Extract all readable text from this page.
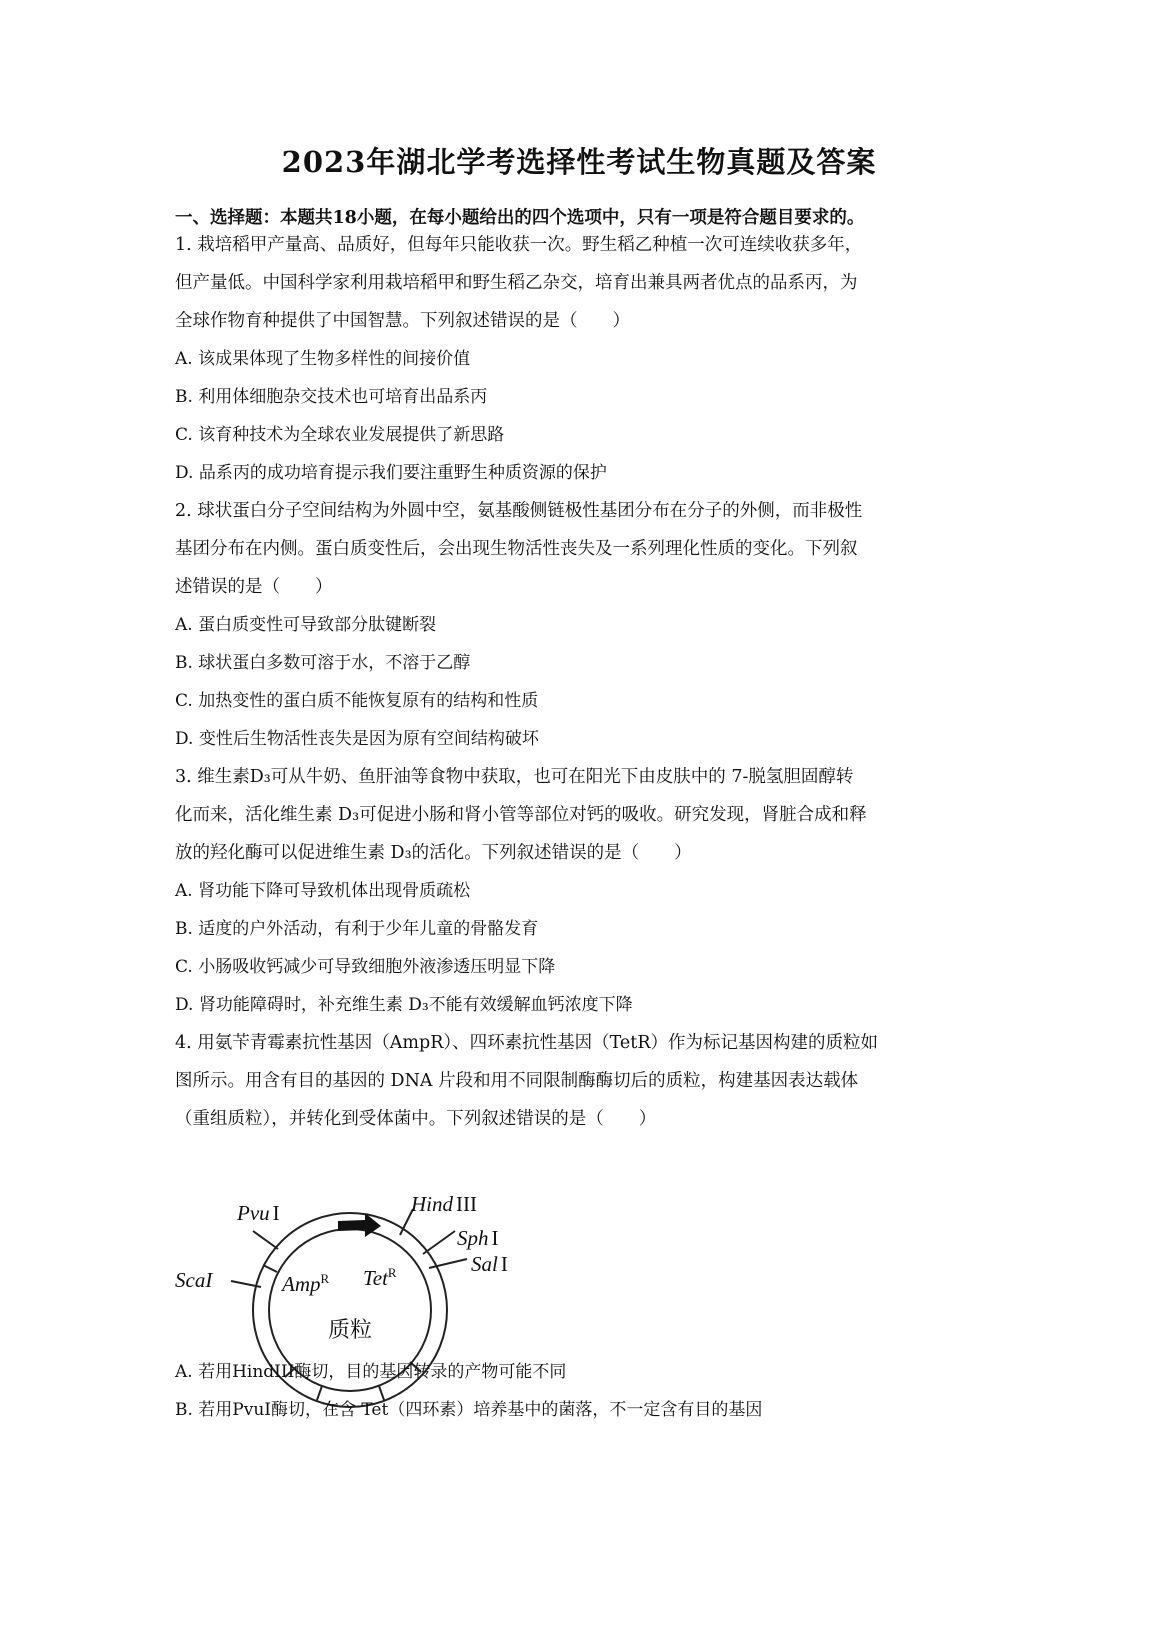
2023年湖北学考选择性考试生物真题及答案
一、选择题：本题共18小题，在每小题给出的四个选项中，只有一项是符合题目要求的。
1. 栽培稻甲产量高、品质好，但每年只能收获一次。野生稻乙种植一次可连续收获多年，
但产量低。中国科学家利用栽培稻甲和野生稻乙杂交，培育出兼具两者优点的品系丙，为
全球作物育种提供了中国智慧。下列叙述错误的是（　　）
A. 该成果体现了生物多样性的间接价值
B. 利用体细胞杂交技术也可培育出品系丙
C. 该育种技术为全球农业发展提供了新思路
D. 品系丙的成功培育提示我们要注重野生种质资源的保护
2. 球状蛋白分子空间结构为外圆中空，氨基酸侧链极性基团分布在分子的外侧，而非极性
基团分布在内侧。蛋白质变性后，会出现生物活性丧失及一系列理化性质的变化。下列叙
述错误的是（　　）
A. 蛋白质变性可导致部分肽键断裂
B. 球状蛋白多数可溶于水，不溶于乙醇
C. 加热变性的蛋白质不能恢复原有的结构和性质
D. 变性后生物活性丧失是因为原有空间结构破坏
3. 维生素D₃可从牛奶、鱼肝油等食物中获取，也可在阳光下由皮肤中的 7-脱氢胆固醇转
化而来，活化维生素 D₃可促进小肠和肾小管等部位对钙的吸收。研究发现，肾脏合成和释
放的羟化酶可以促进维生素 D₃的活化。下列叙述错误的是（　　）
A. 肾功能下降可导致机体出现骨质疏松
B. 适度的户外活动，有利于少年儿童的骨骼发育
C. 小肠吸收钙减少可导致细胞外液渗透压明显下降
D. 肾功能障碍时，补充维生素 D₃不能有效缓解血钙浓度下降
4. 用氨苄青霉素抗性基因（AmpR）、四环素抗性基因（TetR）作为标记基因构建的质粒如
图所示。用含有目的基因的 DNA 片段和用不同限制酶酶切后的质粒，构建基因表达载体
（重组质粒），并转化到受体菌中。下列叙述错误的是（　　）
Pvu I
ScaI
Hind III
Sph I
Sal I
Amp$^R$ Tet$^R$
质粒
A. 若用HindIII酶切，目的基因转录的产物可能不同
B. 若用PvuⅠ酶切，在含 Tet（四环素）培养基中的菌落，不一定含有目的基因
